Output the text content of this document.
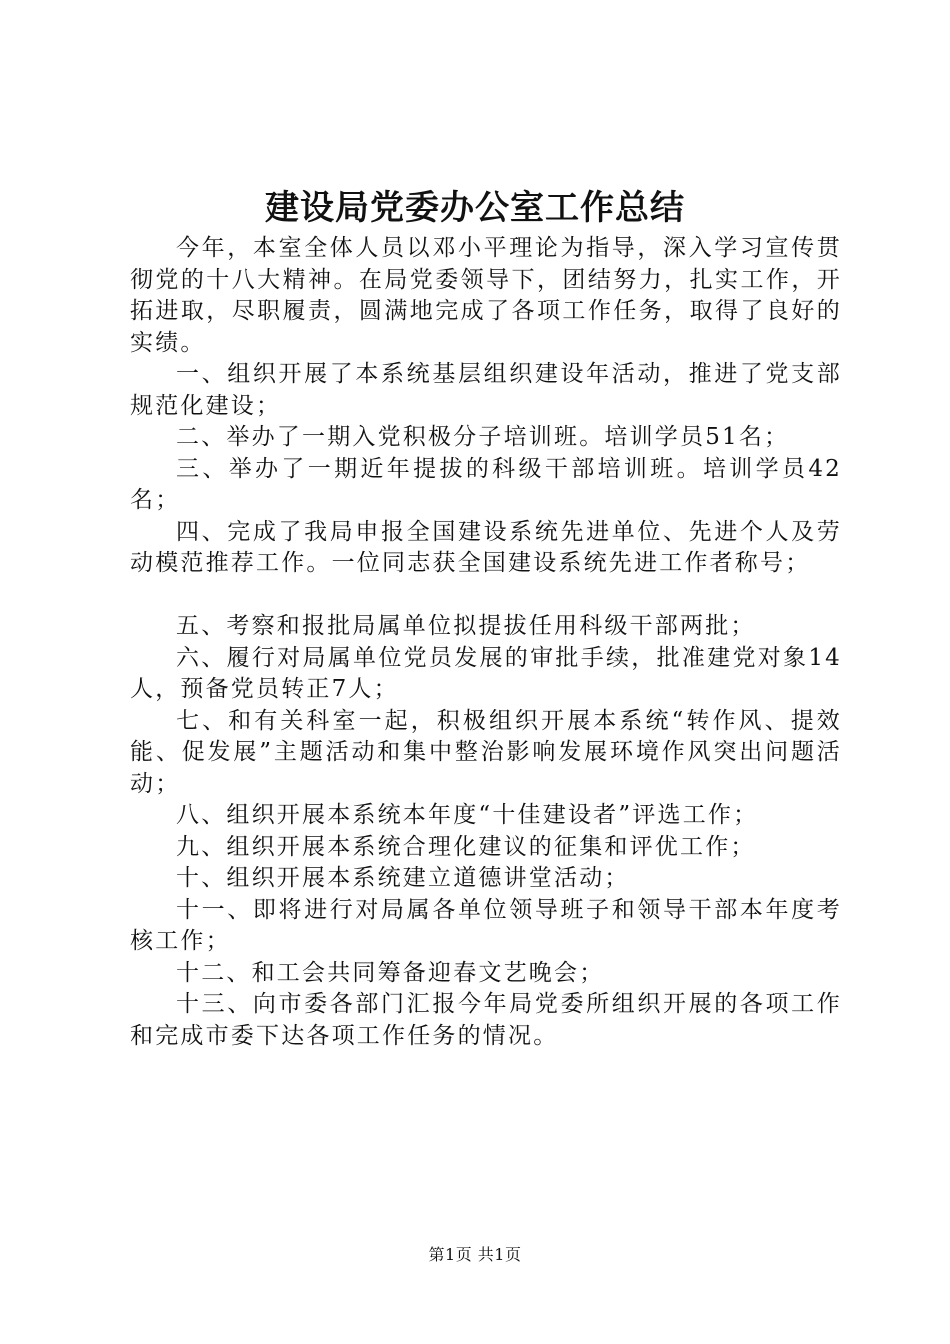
建设局党委办公室工作总结

今年，本室全体人员以邓小平理论为指导，深入学习宣传贯彻党的十八大精神。在局党委领导下，团结努力，扎实工作，开拓进取，尽职履责，圆满地完成了各项工作任务，取得了良好的实绩。

一、组织开展了本系统基层组织建设年活动，推进了党支部规范化建设；

二、举办了一期入党积极分子培训班。培训学员51名；

三、举办了一期近年提拔的科级干部培训班。培训学员42名；

四、完成了我局申报全国建设系统先进单位、先进个人及劳动模范推荐工作。一位同志获全国建设系统先进工作者称号；

五、考察和报批局属单位拟提拔任用科级干部两批；

六、履行对局属单位党员发展的审批手续，批准建党对象14人，预备党员转正7人；

七、和有关科室一起，积极组织开展本系统“转作风、提效能、促发展”主题活动和集中整治影响发展环境作风突出问题活动；

八、组织开展本系统本年度“十佳建设者”评选工作；

九、组织开展本系统合理化建议的征集和评优工作；

十、组织开展本系统建立道德讲堂活动；

十一、即将进行对局属各单位领导班子和领导干部本年度考核工作；

十二、和工会共同筹备迎春文艺晚会；

十三、向市委各部门汇报今年局党委所组织开展的各项工作和完成市委下达各项工作任务的情况。

第1页 共1页
